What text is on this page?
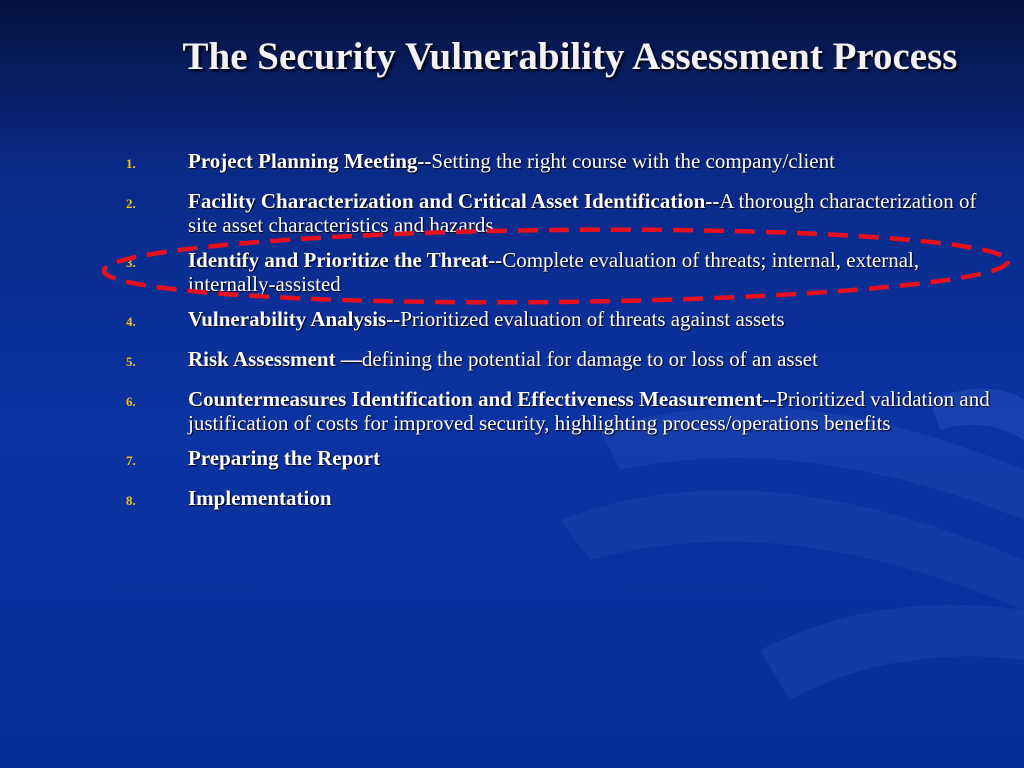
The Security Vulnerability Assessment Process
1.	Project Planning Meeting--Setting the right course with the company/client
2.	Facility Characterization and Critical Asset Identification--A thorough characterization of site asset characteristics and hazards
3.	Identify and Prioritize the Threat--Complete evaluation of threats; internal, external, internally-assisted
4.	Vulnerability Analysis--Prioritized evaluation of threats against assets
5.	Risk Assessment —defining the potential for damage to or loss of an asset
6.	Countermeasures Identification and Effectiveness Measurement--Prioritized validation and justification of costs for improved security, highlighting process/operations benefits
7.	Preparing the Report
8.	Implementation
